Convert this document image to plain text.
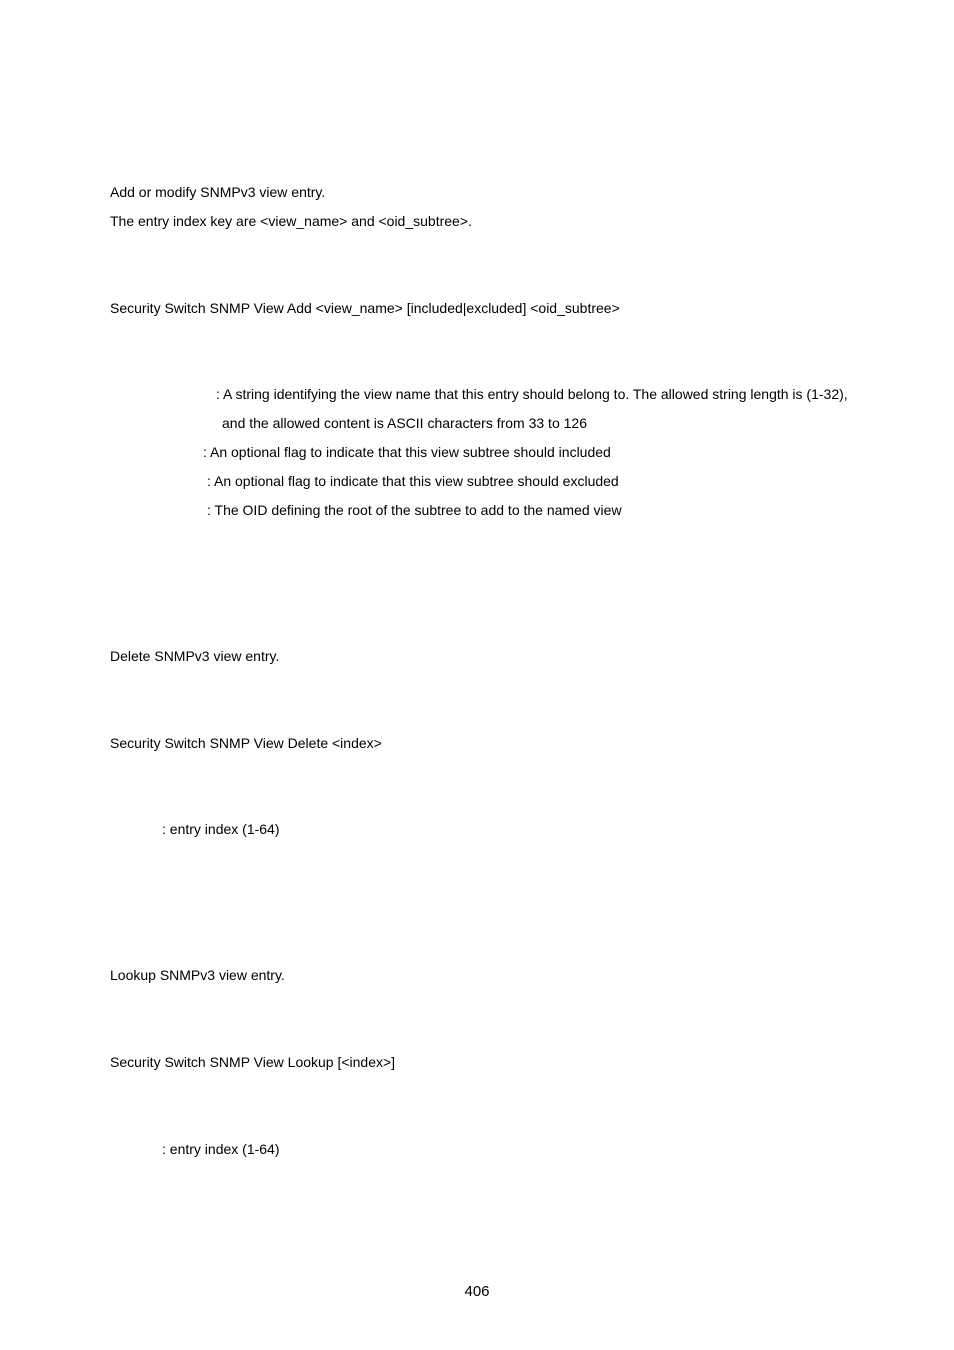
Add or modify SNMPv3 view entry.
The entry index key are <view_name> and <oid_subtree>.
Security Switch SNMP View Add <view_name> [included|excluded] <oid_subtree>
: A string identifying the view name that this entry should belong to. The allowed string length is (1-32),
and the allowed content is ASCII characters from 33 to 126
: An optional flag to indicate that this view subtree should included
: An optional flag to indicate that this view subtree should excluded
: The OID defining the root of the subtree to add to the named view
Delete SNMPv3 view entry.
Security Switch SNMP View Delete <index>
: entry index (1-64)
Lookup SNMPv3 view entry.
Security Switch SNMP View Lookup [<index>]
: entry index (1-64)
406
